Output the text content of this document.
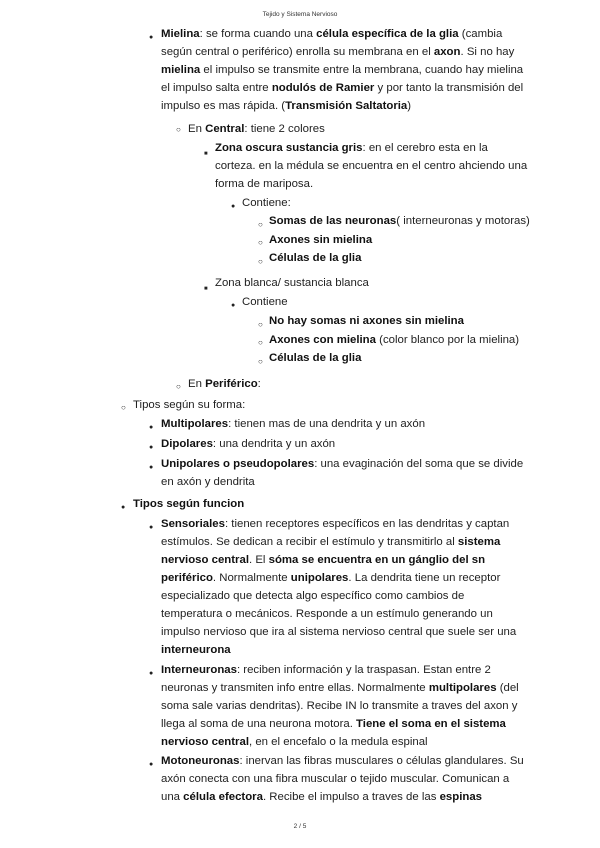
Tejido y Sistema Nervioso
Mielina: se forma cuando una célula específica de la glia (cambia
según central o periférico) enrolla su membrana en el axon. Si no hay
mielina el impulso se transmite entre la membrana, cuando hay mielina
el impulso salta entre nodulós de Ramier y por tanto la transmisión del
impulso es mas rápida. (Transmisión Saltatoria)
En Central: tiene 2 colores
Zona oscura sustancia gris: en el cerebro esta en la
corteza. en la médula se encuentra en el centro ahciendo una
forma de mariposa.
Contiene:
Somas de las neuronas( interneuronas y motoras)
Axones sin mielina
Células de la glia
Zona blanca/ sustancia blanca
Contiene
No hay somas ni axones sin mielina
Axones con mielina (color blanco por la mielina)
Células de la glia
En Periférico:
Tipos según su forma:
Multipolares: tienen mas de una dendrita y un axón
Dipolares: una dendrita y un axón
Unipolares o pseudopolares: una evaginación del soma que se divide
en axón y dendrita
Tipos según funcion
Sensoriales: tienen receptores específicos en las dendritas y captan
estímulos. Se dedican a recibir el estímulo y transmitirlo al sistema
nervioso central. El sóma se encuentra en un gánglio del sn
periférico. Normalmente unipolares. La dendrita tiene un receptor
especializado que detecta algo específico como cambios de
temperatura o mecánicos. Responde a un estímulo generando un
impulso nervioso que ira al sistema nervioso central que suele ser una
interneurona
Interneuronas: reciben información y la traspasan. Estan entre 2
neuronas y transmiten info entre ellas. Normalmente multipolares (del
soma sale varias dendritas). Recibe IN lo transmite a traves del axon y
llega al soma de una neurona motora. Tiene el soma en el sistema
nervioso central, en el encefalo o la medula espinal
Motoneuronas: inervan las fibras musculares o células glandulares. Su
axón conecta con una fibra muscular o tejido muscular. Comunican a
una célula efectora. Recibe el impulso a traves de las espinas
2 / 5
